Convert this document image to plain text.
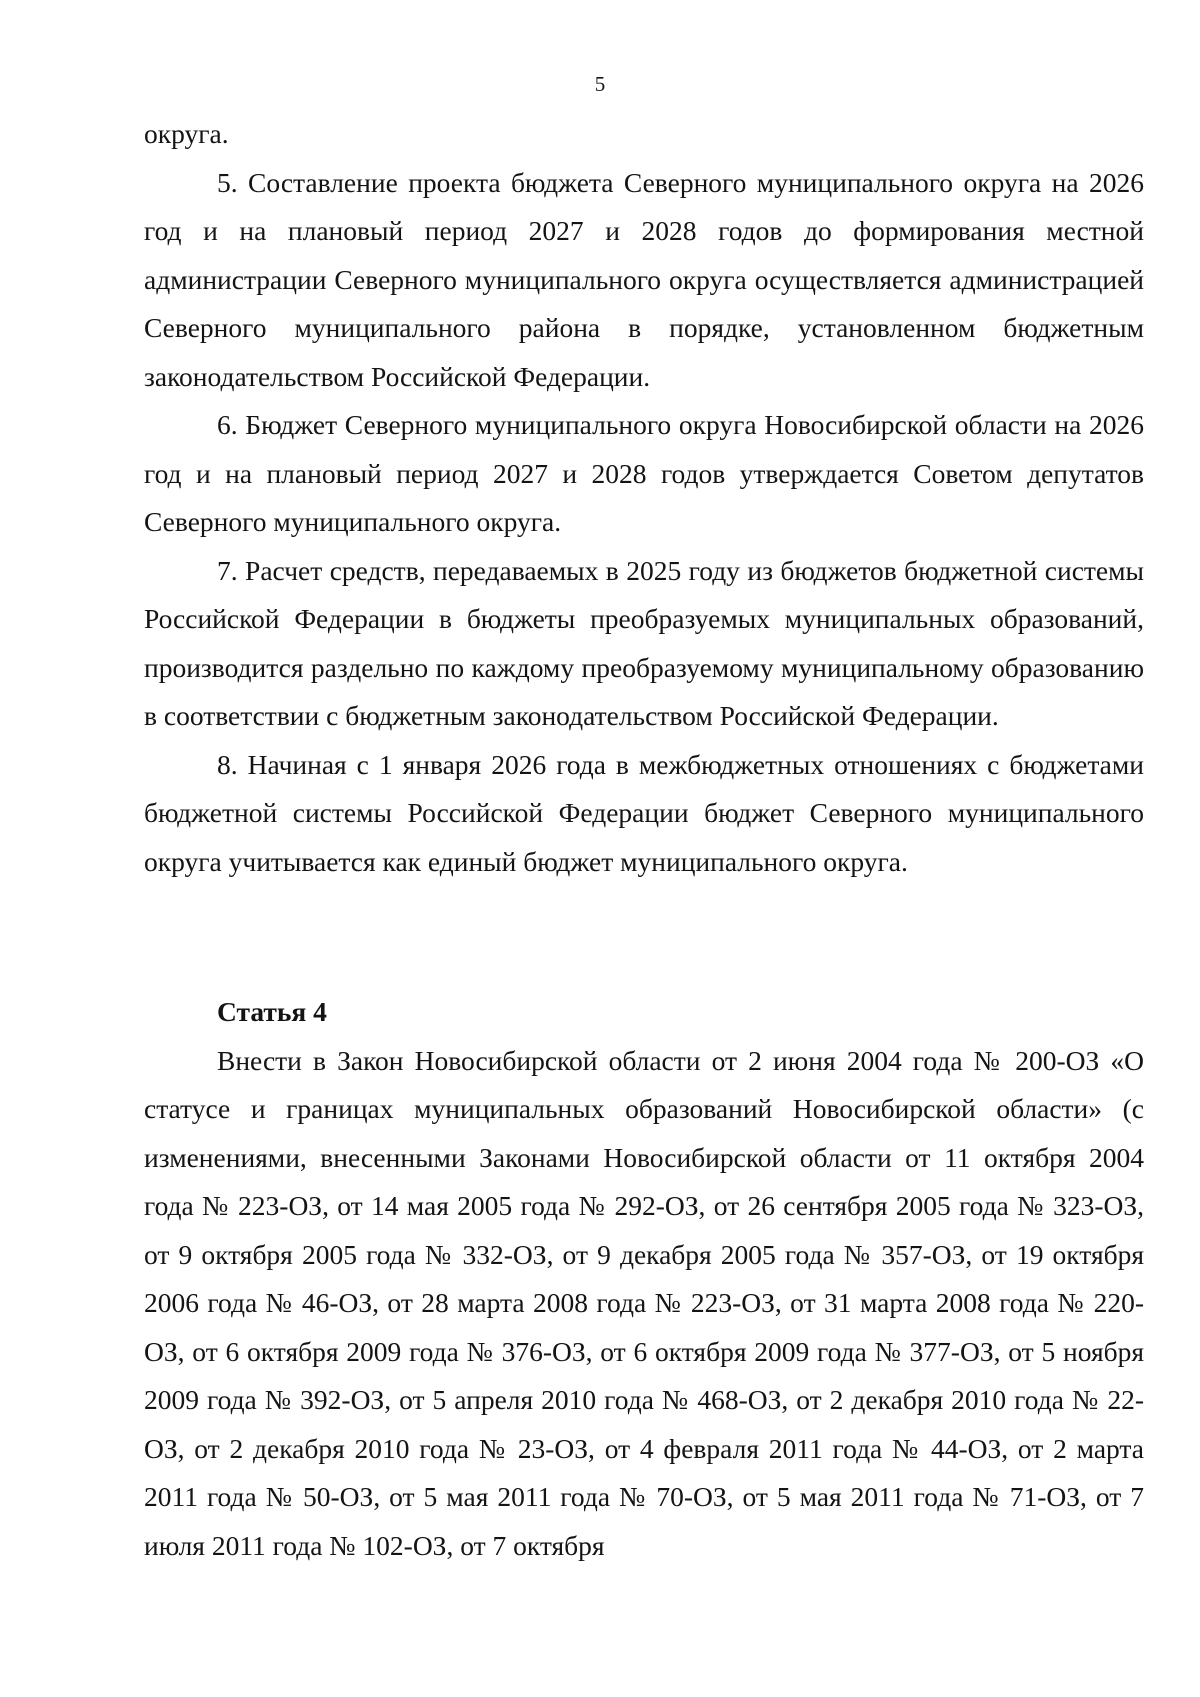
5

округа.

5. Составление проекта бюджета Северного муниципального округа на 2026 год и на плановый период 2027 и 2028 годов до формирования местной администрации Северного муниципального округа осуществляется администрацией Северного муниципального района в порядке, установленном бюджетным законодательством Российской Федерации.

6. Бюджет Северного муниципального округа Новосибирской области на 2026 год и на плановый период 2027 и 2028 годов утверждается Советом депутатов Северного муниципального округа.

7. Расчет средств, передаваемых в 2025 году из бюджетов бюджетной системы Российской Федерации в бюджеты преобразуемых муниципальных образований, производится раздельно по каждому преобразуемому муниципальному образованию в соответствии с бюджетным законодательством Российской Федерации.

8. Начиная с 1 января 2026 года в межбюджетных отношениях с бюджетами бюджетной системы Российской Федерации бюджет Северного муниципального округа учитывается как единый бюджет муниципального округа.

Статья 4

Внести в Закон Новосибирской области от 2 июня 2004 года № 200-ОЗ «О статусе и границах муниципальных образований Новосибирской области» (с изменениями, внесенными Законами Новосибирской области от 11 октября 2004 года № 223-ОЗ, от 14 мая 2005 года № 292-ОЗ, от 26 сентября 2005 года № 323-ОЗ, от 9 октября 2005 года № 332-ОЗ, от 9 декабря 2005 года № 357-ОЗ, от 19 октября 2006 года № 46-ОЗ, от 28 марта 2008 года № 223-ОЗ, от 31 марта 2008 года № 220-ОЗ, от 6 октября 2009 года № 376-ОЗ, от 6 октября 2009 года № 377-ОЗ, от 5 ноября 2009 года № 392-ОЗ, от 5 апреля 2010 года № 468-ОЗ, от 2 декабря 2010 года № 22-ОЗ, от 2 декабря 2010 года № 23-ОЗ, от 4 февраля 2011 года № 44-ОЗ, от 2 марта 2011 года № 50-ОЗ, от 5 мая 2011 года № 70-ОЗ, от 5 мая 2011 года № 71-ОЗ, от 7 июля 2011 года № 102-ОЗ, от 7 октября
